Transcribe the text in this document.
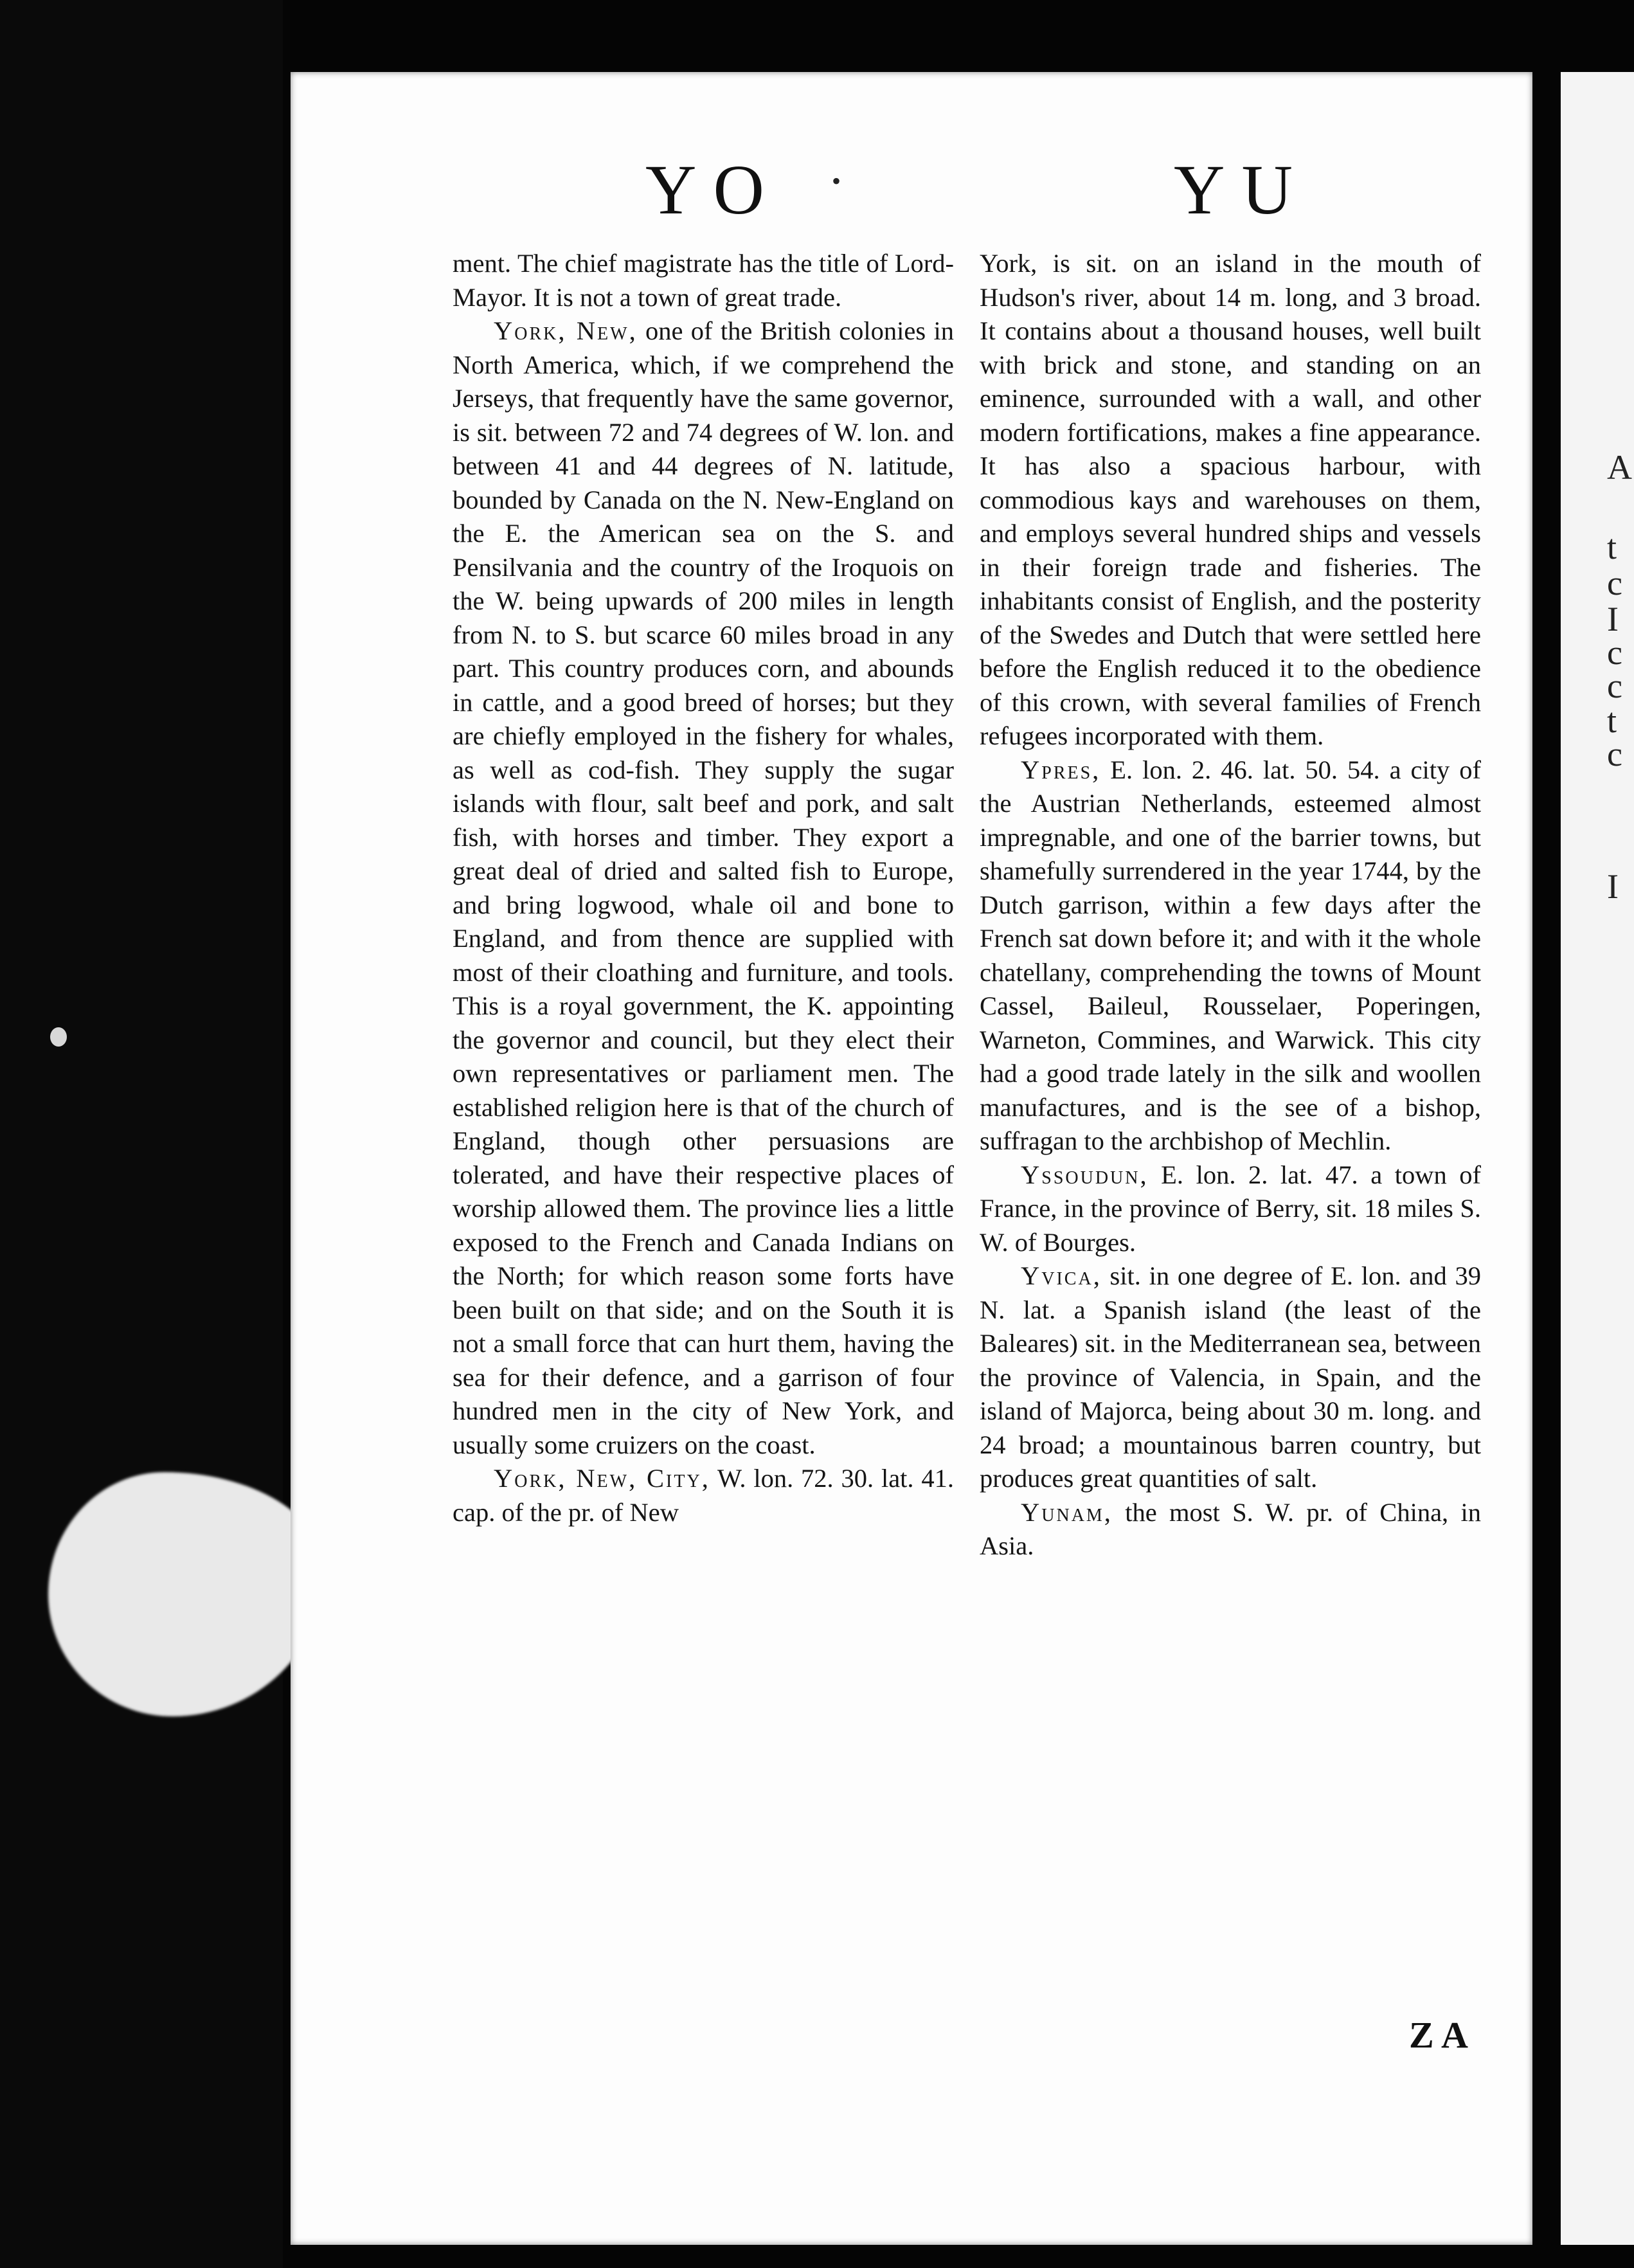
YO •	YU

ment. The chief magistrate has the title of Lord-Mayor. It is not a town of great trade.

York, New, one of the British colonies in North America, which, if we comprehend the Jerseys, that frequently have the same governor, is sit. between 72 and 74 degrees of W. lon. and between 41 and 44 degrees of N. latitude, bounded by Canada on the N. New-England on the E. the American sea on the S. and Pensilvania and the country of the Iroquois on the W. being upwards of 200 miles in length from N. to S. but scarce 60 miles broad in any part. This country produces corn, and abounds in cattle, and a good breed of horses; but they are chiefly employed in the fishery for whales, as well as cod-fish. They supply the sugar islands with flour, salt beef and pork, and salt fish, with horses and timber. They export a great deal of dried and salted fish to Europe, and bring logwood, whale oil and bone to England, and from thence are supplied with most of their cloathing and furniture, and tools. This is a royal government, the K. appointing the governor and council, but they elect their own representatives or parliament men. The established religion here is that of the church of England, though other persuasions are tolerated, and have their respective places of worship allowed them. The province lies a little exposed to the French and Canada Indians on the North; for which reason some forts have been built on that side; and on the South it is not a small force that can hurt them, having the sea for their defence, and a garrison of four hundred men in the city of New York, and usually some cruizers on the coast.

York, New, City, W. lon. 72. 30. lat. 41. cap. of the pr. of New

York, is sit. on an island in the mouth of Hudson's river, about 14 m. long, and 3 broad. It contains about a thousand houses, well built with brick and stone, and standing on an eminence, surrounded with a wall, and other modern fortifications, makes a fine appearance. It has also a spacious harbour, with commodious kays and warehouses on them, and employs several hundred ships and vessels in their foreign trade and fisheries. The inhabitants consist of English, and the posterity of the Swedes and Dutch that were settled here before the English reduced it to the obedience of this crown, with several families of French refugees incorporated with them.

Ypres, E. lon. 2. 46. lat. 50. 54. a city of the Austrian Netherlands, esteemed almost impregnable, and one of the barrier towns, but shamefully surrendered in the year 1744, by the Dutch garrison, within a few days after the French sat down before it; and with it the whole chatellany, comprehending the towns of Mount Cassel, Baileul, Rousselaer, Poperingen, Warneton, Commines, and Warwick. This city had a good trade lately in the silk and woollen manufactures, and is the see of a bishop, suffragan to the archbishop of Mechlin.

Yssoudun, E. lon. 2. lat. 47. a town of France, in the province of Berry, sit. 18 miles S. W. of Bourges.

Yvica, sit. in one degree of E. lon. and 39 N. lat. a Spanish island (the least of the Baleares) sit. in the Mediterranean sea, between the province of Valencia, in Spain, and the island of Majorca, being about 30 m. long. and 24 broad; a mountainous barren country, but produces great quantities of salt.

Yunam, the most S. W. pr. of China, in Asia.

Z A
A
t
c
I
c
c
t
c
I
